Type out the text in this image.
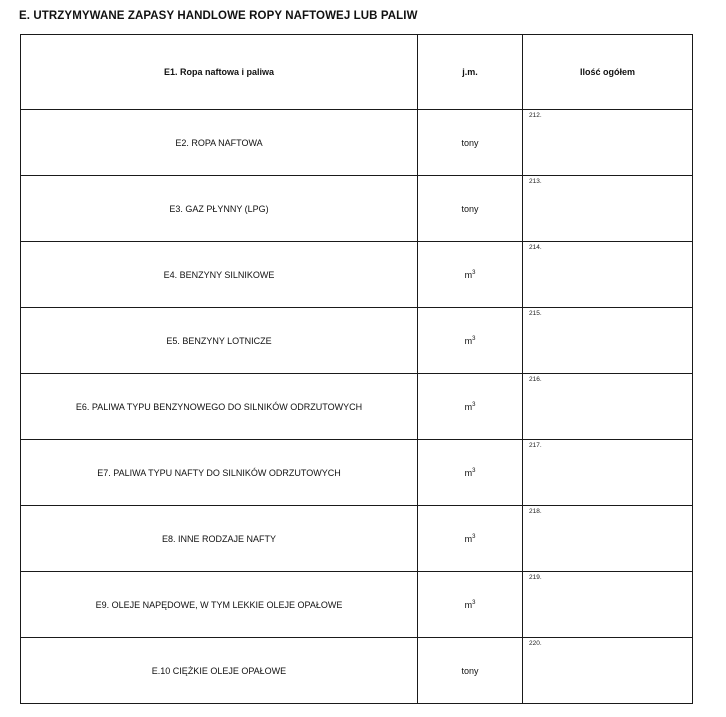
E. UTRZYMYWANE ZAPASY HANDLOWE ROPY NAFTOWEJ LUB PALIW
E1. Ropa naftowa i paliwa	j.m.	Ilość ogółem
E2. ROPA NAFTOWA	tony	212.

E3. GAZ PŁYNNY (LPG)	tony	213.

E4. BENZYNY SILNIKOWE	$m^3$	214.

E5. BENZYNY LOTNICZE	$m^3$	215.

E6. PALIWA TYPU BENZYNOWEGO DO SILNIKÓW ODRZUTOWYCH	$m^3$	216.

E7. PALIWA TYPU NAFTY DO SILNIKÓW ODRZUTOWYCH	$m^3$	217.

E8. INNE RODZAJE NAFTY	$m^3$	218.

E9. OLEJE NAPĘDOWE, W TYM LEKKIE OLEJE OPAŁOWE	$m^3$	219.

E.10 CIĘŻKIE OLEJE OPAŁOWE	tony	220.
